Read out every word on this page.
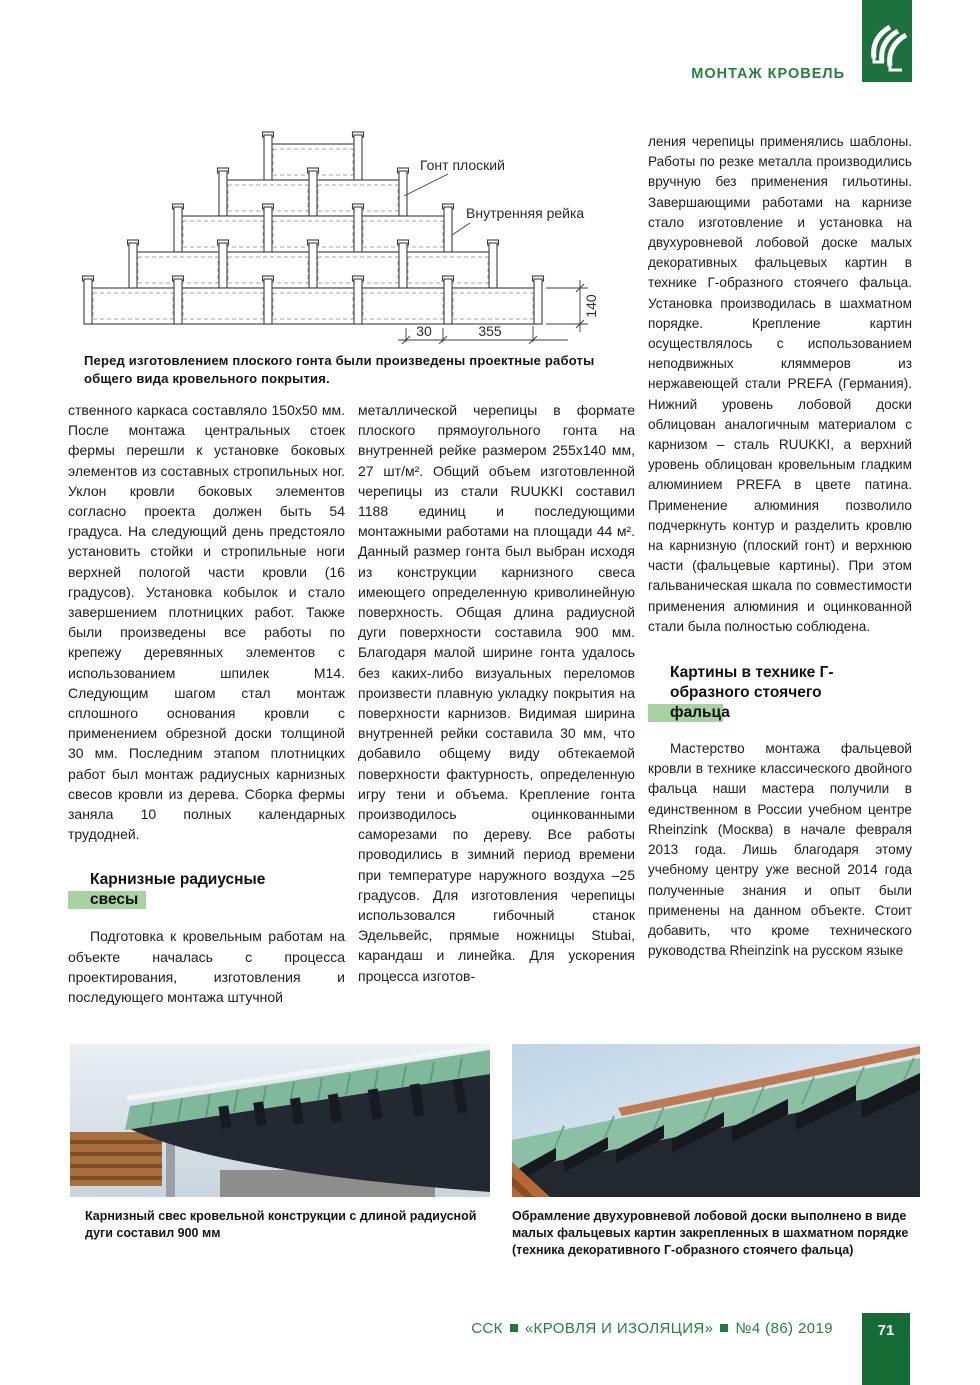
МОНТАЖ КРОВЕЛЬ
Гонт плоский
Внутренняя рейка
140
30	355
Перед изготовлением плоского гонта были произведены проектные работы общего вида кровельного покрытия.

ственного каркаса составляло 150х50 мм. После монтажа центральных стоек фермы перешли к установке боковых элементов из составных стропильных ног. Уклон кровли боковых элементов согласно проекта должен быть 54 градуса. На следующий день предстояло установить стойки и стропильные ноги верхней пологой части кровли (16 градусов). Установка кобылок и стало завершением плотницких работ. Также были произведены все работы по крепежу деревянных элементов с использованием шпилек М14. Следующим шагом стал монтаж сплошного основания кровли с применением обрезной доски толщиной 30 мм. Последним этапом плотницких работ был монтаж радиусных карнизных свесов кровли из дерева. Сборка фермы заняла 10 полных календарных трудодней.

Карнизные радиусные свесы

Подготовка к кровельным работам на объекте началась с процесса проектирования, изготовления и последующего монтажа штучной

металлической черепицы в формате плоского прямоугольного гонта на внутренней рейке размером 255х140 мм, 27 шт/м². Общий объем изготовленной черепицы из стали RUUKKI составил 1188 единиц и последующими монтажными работами на площади 44 м². Данный размер гонта был выбран исходя из конструкции карнизного свеса имеющего определенную криволинейную поверхность. Общая длина радиусной дуги поверхности составила 900 мм. Благодаря малой ширине гонта удалось без каких-либо визуальных переломов произвести плавную укладку покрытия на поверхности карнизов. Видимая ширина внутренней рейки составила 30 мм, что добавило общему виду обтекаемой поверхности фактурность, определенную игру тени и объема. Крепление гонта производилось оцинкованными саморезами по дереву. Все работы проводились в зимний период времени при температуре наружного воздуха –25 градусов. Для изготовления черепицы использовался гибочный станок Эдельвейс, прямые ножницы Stubai, карандаш и линейка. Для ускорения процесса изготов-

ления черепицы применялись шаблоны. Работы по резке металла производились вручную без применения гильотины. Завершающими работами на карнизе стало изготовление и установка на двухуровневой лобовой доске малых декоративных фальцевых картин в технике Г-образного стоячего фальца. Установка производилась в шахматном порядке. Крепление картин осуществлялось с использованием неподвижных кляммеров из нержавеющей стали PREFA (Германия). Нижний уровень лобовой доски облицован аналогичным материалом с карнизом – сталь RUUKKI, а верхний уровень облицован кровельным гладким алюминием PREFA в цвете патина. Применение алюминия позволило подчеркнуть контур и разделить кровлю на карнизную (плоский гонт) и верхнюю части (фальцевые картины). При этом гальваническая шкала по совместимости применения алюминия и оцинкованной стали была полностью соблюдена.

Картины в технике Г-образного стоячего фальца

Мастерство монтажа фальцевой кровли в технике классического двойного фальца наши мастера получили в единственном в России учебном центре Rheinzink (Москва) в начале февраля 2013 года. Лишь благодаря этому учебному центру уже весной 2014 года полученные знания и опыт были применены на данном объекте. Стоит добавить, что кроме технического руководства Rheinzink на русском языке

Карнизный свес кровельной конструкции с длиной радиусной дуги составил 900 мм
Обрамление двухуровневой лобовой доски выполнено в виде малых фальцевых картин закрепленных в шахматном порядке (техника декоративного Г-образного стоячего фальца)
ССК «КРОВЛЯ И ИЗОЛЯЦИЯ» №4 (86) 2019	71
